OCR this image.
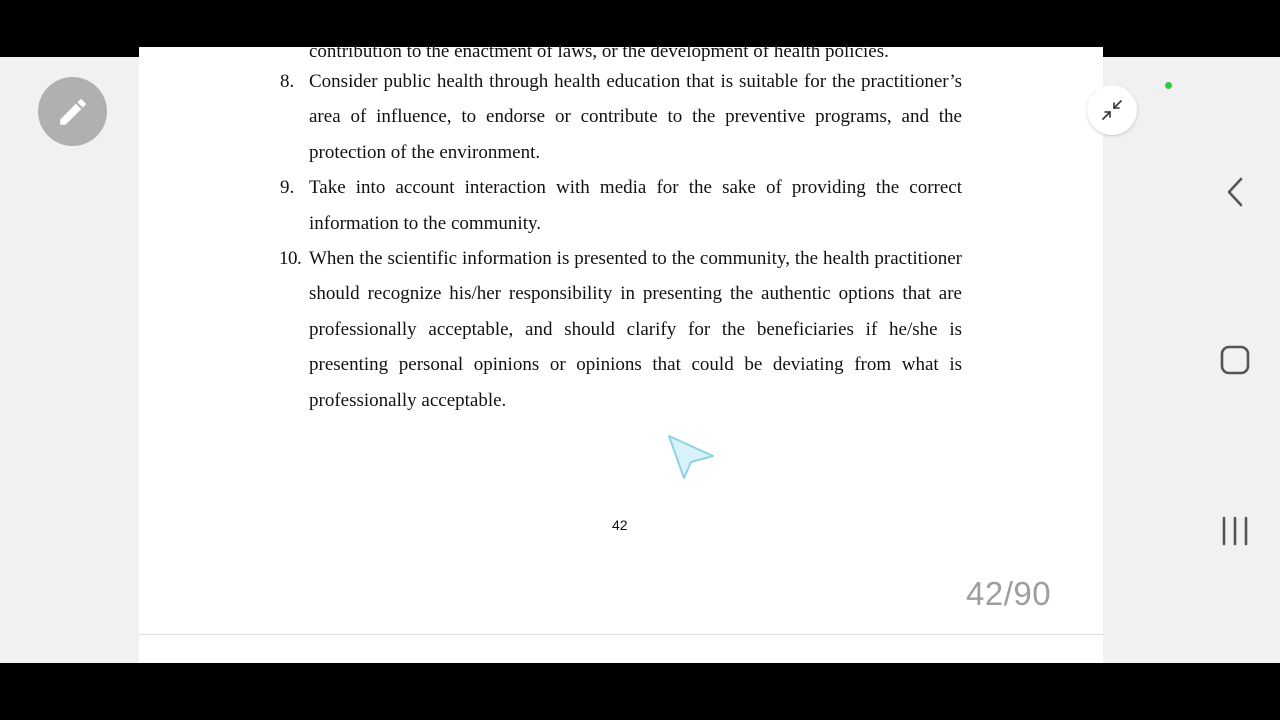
contribution to the enactment of laws, or the development of health policies.
8. Consider public health through health education that is suitable for the practitioner’s area of influence, to endorse or contribute to the preventive programs, and the protection of the environment.
9. Take into account interaction with media for the sake of providing the correct information to the community.
10. When the scientific information is presented to the community, the health practitioner should recognize his/her responsibility in presenting the authentic options that are professionally acceptable, and should clarify for the beneficiaries if he/she is presenting personal opinions or opinions that could be deviating from what is professionally acceptable.
42
42/90
